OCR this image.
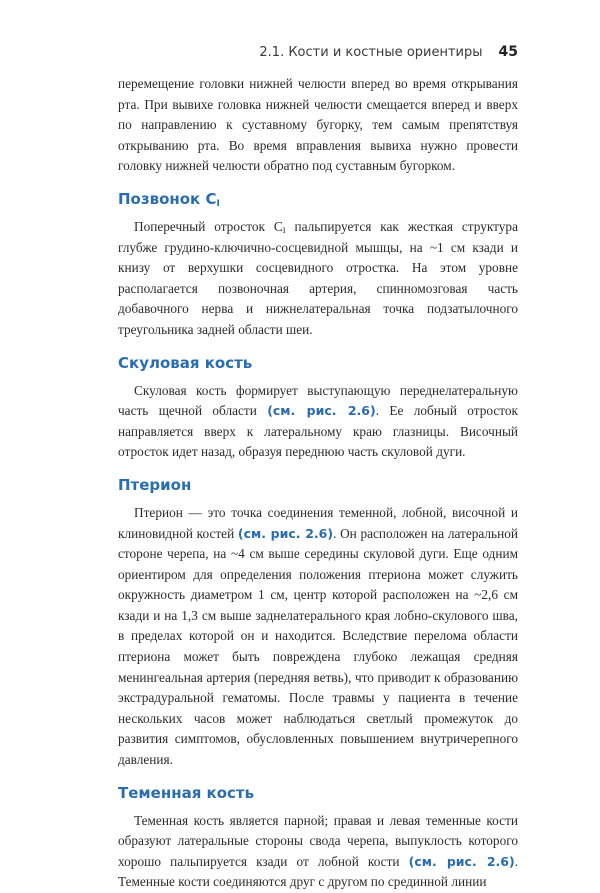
2.1. Кости и костные ориентиры 45

перемещение головки нижней челюсти вперед во время открывания рта. При вывихе головка нижней челюсти смещается вперед и вверх по направлению к суставному бугорку, тем самым препятствуя открыванию рта. Во время вправления вывиха нужно провести головку нижней челюсти обратно под суставным бугорком.

Позвонок $C_I$

Поперечный отросток $C_I$ пальпируется как жесткая структура глубже грудино-ключично-сосцевидной мышцы, на ~1 см кзади и книзу от верхушки сосцевидного отростка. На этом уровне располагается позвоночная артерия, спинномозговая часть добавочного нерва и нижнелатеральная точка подзатылочного треугольника задней области шеи.

Скуловая кость

Скуловая кость формирует выступающую переднелатеральную часть щечной области (см. рис. 2.6). Ее лобный отросток направляется вверх к латеральному краю глазницы. Височный отросток идет назад, образуя переднюю часть скуловой дуги.

Птерион

Птерион — это точка соединения теменной, лобной, височной и клиновидной костей (см. рис. 2.6). Он расположен на латеральной стороне черепа, на ~4 см выше середины скуловой дуги. Еще одним ориентиром для определения положения птериона может служить окружность диаметром 1 см, центр которой расположен на ~2,6 см кзади и на 1,3 см выше заднелатерального края лобно-скулового шва, в пределах которой он и находится. Вследствие перелома области птериона может быть повреждена глубоко лежащая средняя менингеальная артерия (передняя ветвь), что приводит к образованию экстрадуральной гематомы. После травмы у пациента в течение нескольких часов может наблюдаться светлый промежуток до развития симптомов, обусловленных повышением внутричерепного давления.

Теменная кость

Теменная кость является парной; правая и левая теменные кости образуют латеральные стороны свода черепа, выпуклость которого хорошо пальпируется кзади от лобной кости (см. рис. 2.6). Теменные кости соединяются друг с другом по срединной линии
